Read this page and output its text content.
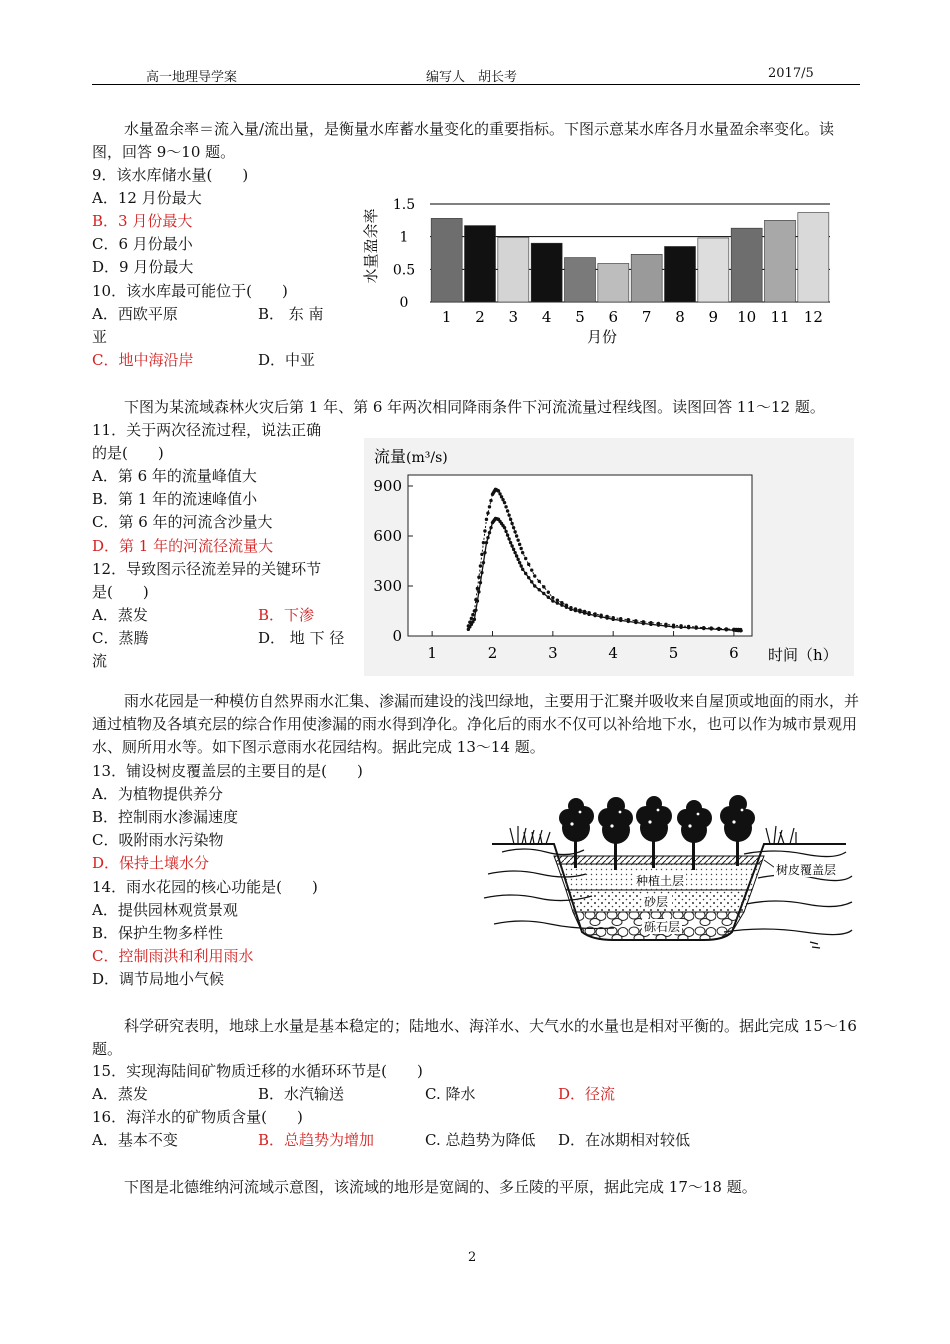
高一地理导学案	编写人　胡长考	2017/5
水量盈余率＝流入量/流出量，是衡量水库蓄水量变化的重要指标。下图示意某水库各月水量盈余率变化。读图，回答 9～10 题。
9．该水库储水量(　　)
A．12 月份最大
B．3 月份最大
C．6 月份最小
D．9 月份最大
10．该水库最可能位于(　　)
A．西欧平原	B． 东 南
亚
C．地中海沿岸	D．中亚
水量盈余率
0
0.5
1
1.5
1 2 3 4 5 6 7 8 9 10 11 12
月份
下图为某流域森林火灾后第 1 年、第 6 年两次相同降雨条件下河流流量过程线图。读图回答 11～12 题。
11．关于两次径流过程，说法正确
的是(　　)
A．第 6 年的流量峰值大
B．第 1 年的流速峰值小
C．第 6 年的河流含沙量大
D．第 1 年的河流径流量大
12．导致图示径流差异的关键环节
是(　　)
A．蒸发	B．下渗
C．蒸腾	D． 地 下 径
流
流量(m³/s)
0
300
600
900
1	2	3	4	5	6 时间（h）
雨水花园是一种模仿自然界雨水汇集、渗漏而建设的浅凹绿地，主要用于汇聚并吸收来自屋顶或地面的雨水，并通过植物及各填充层的综合作用使渗漏的雨水得到净化。净化后的雨水不仅可以补给地下水，也可以作为城市景观用水、厕所用水等。如下图示意雨水花园结构。据此完成 13～14 题。
13．铺设树皮覆盖层的主要目的是(　　)
A．为植物提供养分
B．控制雨水渗漏速度
C．吸附雨水污染物
D．保持土壤水分
14．雨水花园的核心功能是(　　)
A．提供园林观赏景观
B．保护生物多样性
C．控制雨洪和利用雨水
D．调节局地小气候
树皮覆盖层
种植土层
砂层
砾石层
科学研究表明，地球上水量是基本稳定的；陆地水、海洋水、大气水的水量也是相对平衡的。据此完成 15～16 题。
15．实现海陆间矿物质迁移的水循环环节是(　　)
A．蒸发	B．水汽输送	C. 降水	D．径流
16．海洋水的矿物质含量(　　)
A．基本不变	B．总趋势为增加	C. 总趋势为降低 D．在冰期相对较低
下图是北德维纳河流域示意图，该流域的地形是宽阔的、多丘陵的平原，据此完成 17～18 题。
2
